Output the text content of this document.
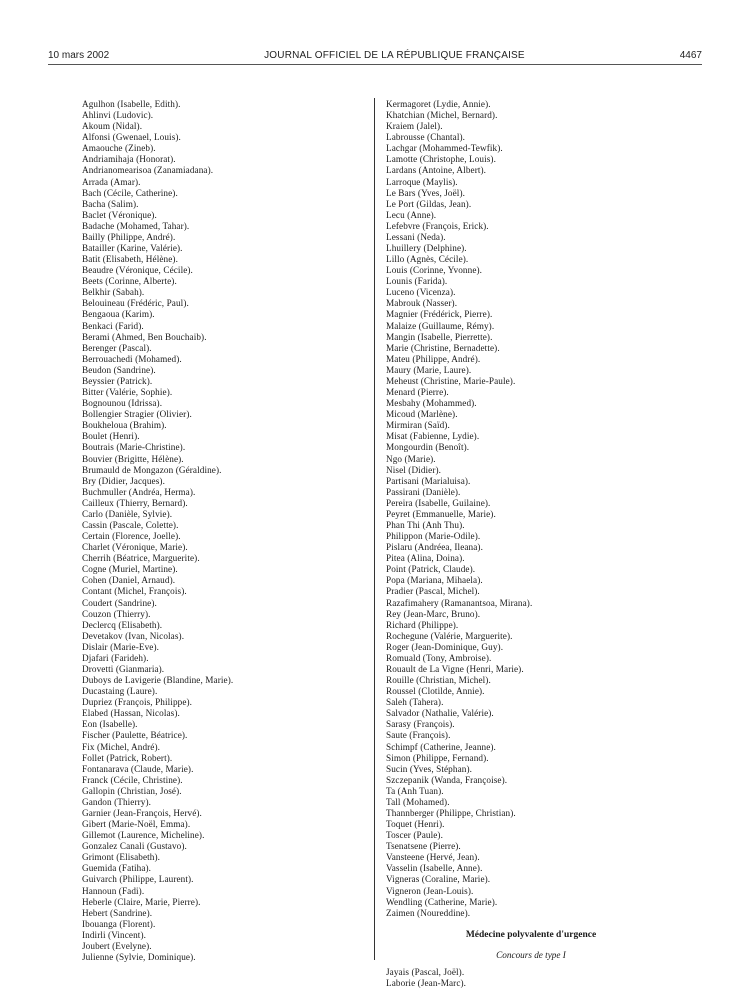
10 mars 2002	JOURNAL OFFICIEL DE LA RÉPUBLIQUE FRANÇAISE	4467
Agulhon (Isabelle, Edith).
Ahlinvi (Ludovic).
Akoum (Nidal).
Alfonsi (Gwenael, Louis).
Amaouche (Zineb).
Andriamihaja (Honorat).
Andrianomearisoa (Zanamiadana).
Arrada (Amar).
Bach (Cécile, Catherine).
Bacha (Salim).
Baclet (Véronique).
Badache (Mohamed, Tahar).
Bailly (Philippe, André).
Batailler (Karine, Valérie).
Batit (Elisabeth, Hélène).
Beaudre (Véronique, Cécile).
Beets (Corinne, Alberte).
Belkhir (Sabah).
Belouineau (Frédéric, Paul).
Bengaoua (Karim).
Benkaci (Farid).
Berami (Ahmed, Ben Bouchaib).
Berenger (Pascal).
Berrouachedi (Mohamed).
Beudon (Sandrine).
Beyssier (Patrick).
Bitter (Valérie, Sophie).
Bognounou (Idrissa).
Bollengier Stragier (Olivier).
Boukheloua (Brahim).
Boulet (Henri).
Boutrais (Marie-Christine).
Bouvier (Brigitte, Hélène).
Brumauld de Mongazon (Géraldine).
Bry (Didier, Jacques).
Buchmuller (Andréa, Herma).
Cailleux (Thierry, Bernard).
Carlo (Danièle, Sylvie).
Cassin (Pascale, Colette).
Certain (Florence, Joelle).
Charlet (Véronique, Marie).
Cherrih (Béatrice, Marguerite).
Cogne (Muriel, Martine).
Cohen (Daniel, Arnaud).
Contant (Michel, François).
Coudert (Sandrine).
Couzon (Thierry).
Declercq (Elisabeth).
Devetakov (Ivan, Nicolas).
Dislair (Marie-Eve).
Djafari (Farideh).
Drovetti (Gianmaria).
Duboys de Lavigerie (Blandine, Marie).
Ducastaing (Laure).
Dupriez (François, Philippe).
Elabed (Hassan, Nicolas).
Eon (Isabelle).
Fischer (Paulette, Béatrice).
Fix (Michel, André).
Follet (Patrick, Robert).
Fontanarava (Claude, Marie).
Franck (Cécile, Christine).
Gallopin (Christian, José).
Gandon (Thierry).
Garnier (Jean-François, Hervé).
Gibert (Marie-Noël, Emma).
Gillemot (Laurence, Micheline).
Gonzalez Canali (Gustavo).
Grimont (Elisabeth).
Guemida (Fatiha).
Guivarch (Philippe, Laurent).
Hannoun (Fadi).
Heberle (Claire, Marie, Pierre).
Hebert (Sandrine).
Ibouanga (Florent).
Indirli (Vincent).
Joubert (Evelyne).
Julienne (Sylvie, Dominique).
Kermagoret (Lydie, Annie).
Khatchian (Michel, Bernard).
Kraiem (Jalel).
Labrousse (Chantal).
Lachgar (Mohammed-Tewfik).
Lamotte (Christophe, Louis).
Lardans (Antoine, Albert).
Larroque (Maylis).
Le Bars (Yves, Joël).
Le Port (Gildas, Jean).
Lecu (Anne).
Lefebvre (François, Erick).
Lessani (Neda).
Lhuillery (Delphine).
Lillo (Agnès, Cécile).
Louis (Corinne, Yvonne).
Lounis (Farida).
Luceno (Vicenza).
Mabrouk (Nasser).
Magnier (Frédérick, Pierre).
Malaize (Guillaume, Rémy).
Mangin (Isabelle, Pierrette).
Marie (Christine, Bernadette).
Mateu (Philippe, André).
Maury (Marie, Laure).
Meheust (Christine, Marie-Paule).
Menard (Pierre).
Mesbahy (Mohammed).
Micoud (Marlène).
Mirmiran (Saïd).
Misat (Fabienne, Lydie).
Mongourdin (Benoît).
Ngo (Marie).
Nisel (Didier).
Partisani (Marialuisa).
Passirani (Danièle).
Pereira (Isabelle, Guilaine).
Peyret (Emmanuelle, Marie).
Phan Thi (Anh Thu).
Philippon (Marie-Odile).
Pislaru (Andréea, Ileana).
Pitea (Alina, Doina).
Point (Patrick, Claude).
Popa (Mariana, Mihaela).
Pradier (Pascal, Michel).
Razafimahery (Ramanantsoa, Mirana).
Rey (Jean-Marc, Bruno).
Richard (Philippe).
Rochegune (Valérie, Marguerite).
Roger (Jean-Dominique, Guy).
Romuald (Tony, Ambroise).
Rouault de La Vigne (Henri, Marie).
Rouille (Christian, Michel).
Roussel (Clotilde, Annie).
Saleh (Tahera).
Salvador (Nathalie, Valérie).
Sarasy (François).
Saute (François).
Schimpf (Catherine, Jeanne).
Simon (Philippe, Fernand).
Sucin (Yves, Stéphan).
Szczepanik (Wanda, Françoise).
Ta (Anh Tuan).
Tall (Mohamed).
Thannberger (Philippe, Christian).
Toquet (Henri).
Toscer (Paule).
Tsenatsene (Pierre).
Vansteene (Hervé, Jean).
Vasselin (Isabelle, Anne).
Vigneras (Coraline, Marie).
Vigneron (Jean-Louis).
Wendling (Catherine, Marie).
Zaimen (Noureddine).
Médecine polyvalente d'urgence
Concours de type I
Jayais (Pascal, Joël).
Laborie (Jean-Marc).
